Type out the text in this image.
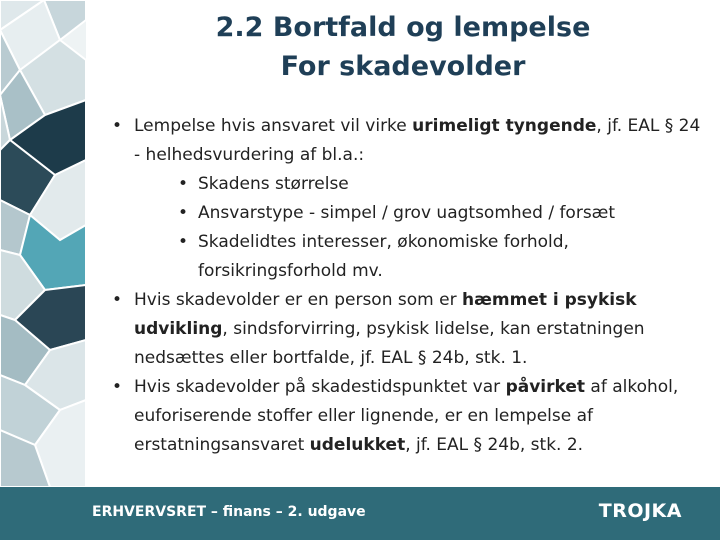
2.2 Bortfald og lempelse
For skadevolder
• Lempelse hvis ansvaret vil virke urimeligt tyngende, jf. EAL § 24 - helhedsvurdering af bl.a.:
• Skadens størrelse
• Ansvarstype - simpel / grov uagtsomhed / forsæt
• Skadelidtes interesser, økonomiske forhold, forsikringsforhold mv.
• Hvis skadevolder er en person som er hæmmet i psykisk udvikling, sindsforvirring, psykisk lidelse, kan erstatningen nedsættes eller bortfalde, jf. EAL § 24b, stk. 1.
• Hvis skadevolder på skadestidspunktet var påvirket af alkohol, euforiserende stoffer eller lignende, er en lempelse af erstatningsansvaret udelukket, jf. EAL § 24b, stk. 2.
ERHVERVSRET – finans – 2. udgave	TROJKA
